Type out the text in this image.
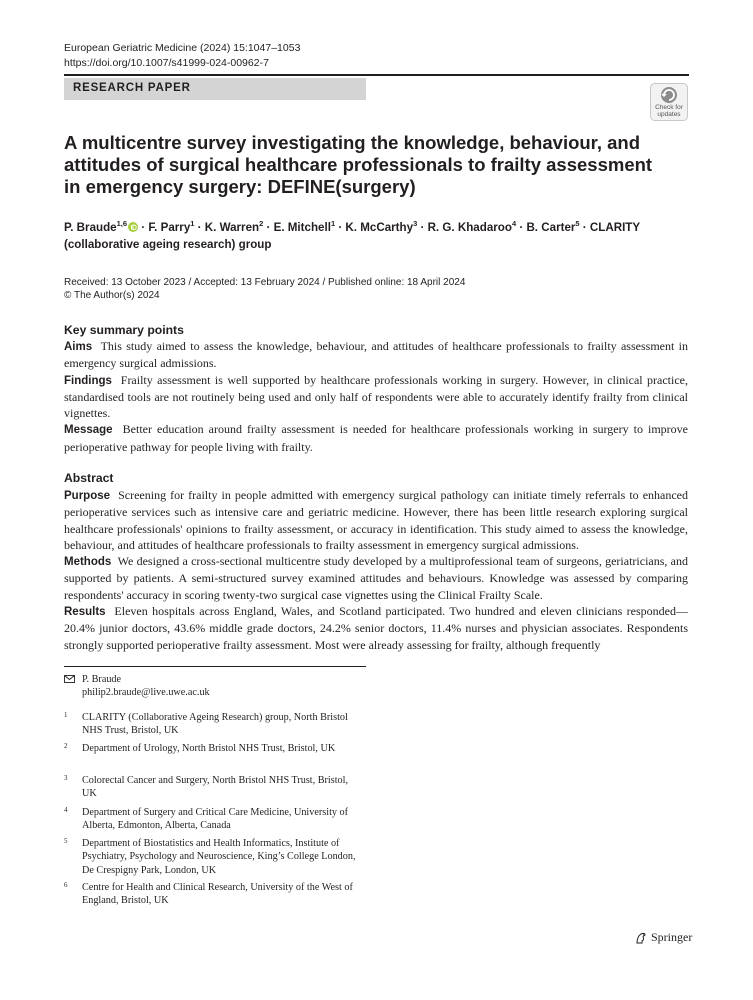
European Geriatric Medicine (2024) 15:1047–1053
https://doi.org/10.1007/s41999-024-00962-7
RESEARCH PAPER
Check for
updates
A multicentre survey investigating the knowledge, behaviour, and attitudes of surgical healthcare professionals to frailty assessment in emergency surgery: DEFINE(surgery)
P. Braude$^{1,6}$ · F. Parry$^1$ · K. Warren$^2$ · E. Mitchell$^1$ · K. McCarthy$^3$ · R. G. Khadaroo$^4$ · B. Carter$^5$ · CLARITY (collaborative ageing research) group
Received: 13 October 2023 / Accepted: 13 February 2024 / Published online: 18 April 2024
© The Author(s) 2024
Key summary points
Aims This study aimed to assess the knowledge, behaviour, and attitudes of healthcare professionals to frailty assessment in emergency surgical admissions.
Findings Frailty assessment is well supported by healthcare professionals working in surgery. However, in clinical practice, standardised tools are not routinely being used and only half of respondents were able to accurately identify frailty from clinical vignettes.
Message Better education around frailty assessment is needed for healthcare professionals working in surgery to improve perioperative pathway for people living with frailty.
Abstract
Purpose Screening for frailty in people admitted with emergency surgical pathology can initiate timely referrals to enhanced perioperative services such as intensive care and geriatric medicine. However, there has been little research exploring surgical healthcare professionals' opinions to frailty assessment, or accuracy in identification. This study aimed to assess the knowledge, behaviour, and attitudes of healthcare professionals to frailty assessment in emergency surgical admissions.
Methods We designed a cross-sectional multicentre study developed by a multiprofessional team of surgeons, geriatricians, and supported by patients. A semi-structured survey examined attitudes and behaviours. Knowledge was assessed by comparing respondents' accuracy in scoring twenty-two surgical case vignettes using the Clinical Frailty Scale.
Results Eleven hospitals across England, Wales, and Scotland participated. Two hundred and eleven clinicians responded—20.4% junior doctors, 43.6% middle grade doctors, 24.2% senior doctors, 11.4% nurses and physician associates. Respondents strongly supported perioperative frailty assessment. Most were already assessing for frailty, although frequently
P. Braude
philip2.braude@live.uwe.ac.uk
1 CLARITY (Collaborative Ageing Research) group, North Bristol NHS Trust, Bristol, UK
2 Department of Urology, North Bristol NHS Trust, Bristol, UK
3 Colorectal Cancer and Surgery, North Bristol NHS Trust, Bristol, UK
4 Department of Surgery and Critical Care Medicine, University of Alberta, Edmonton, Alberta, Canada
5 Department of Biostatistics and Health Informatics, Institute of Psychiatry, Psychology and Neuroscience, King’s College London, De Crespigny Park, London, UK
6 Centre for Health and Clinical Research, University of the West of England, Bristol, UK
Springer
